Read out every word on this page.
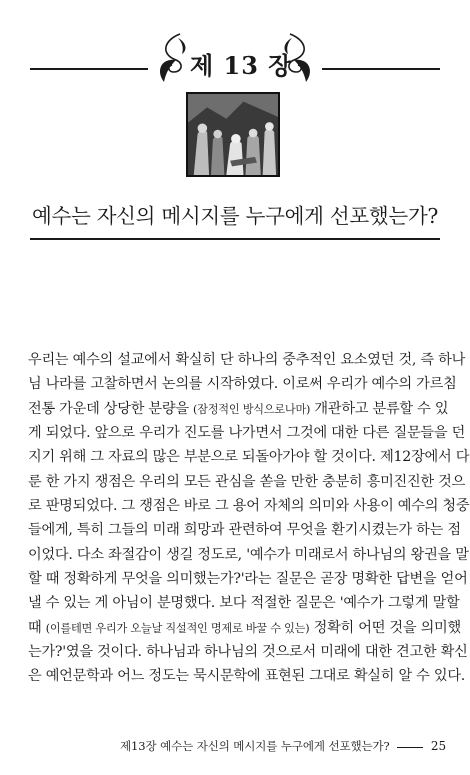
제 13 장
예수는 자신의 메시지를 누구에게 선포했는가?
우리는 예수의 설교에서 확실히 단 하나의 중추적인 요소였던 것, 즉 하나
님 나라를 고찰하면서 논의를 시작하였다. 이로써 우리가 예수의 가르침
전통 가운데 상당한 분량을 (잠정적인 방식으로나마) 개관하고 분류할 수 있
게 되었다. 앞으로 우리가 진도를 나가면서 그것에 대한 다른 질문들을 던
지기 위해 그 자료의 많은 부분으로 되돌아가야 할 것이다. 제12장에서 다
룬 한 가지 쟁점은 우리의 모든 관심을 쏟을 만한 충분히 흥미진진한 것으
로 판명되었다. 그 쟁점은 바로 그 용어 자체의 의미와 사용이 예수의 청중
들에게, 특히 그들의 미래 희망과 관련하여 무엇을 환기시켰는가 하는 점
이었다. 다소 좌절감이 생길 정도로, '예수가 미래로서 하나님의 왕권을 말
할 때 정확하게 무엇을 의미했는가?'라는 질문은 곧장 명확한 답변을 얻어
낼 수 있는 게 아님이 분명했다. 보다 적절한 질문은 '예수가 그렇게 말할
때 (이를테면 우리가 오늘날 직설적인 명제로 바꿀 수 있는) 정확히 어떤 것을 의미했
는가?'였을 것이다. 하나님과 하나님의 것으로서 미래에 대한 견고한 확신
은 예언문학과 어느 정도는 묵시문학에 표현된 그대로 확실히 알 수 있다.
제13장 예수는 자신의 메시지를 누구에게 선포했는가?	25
